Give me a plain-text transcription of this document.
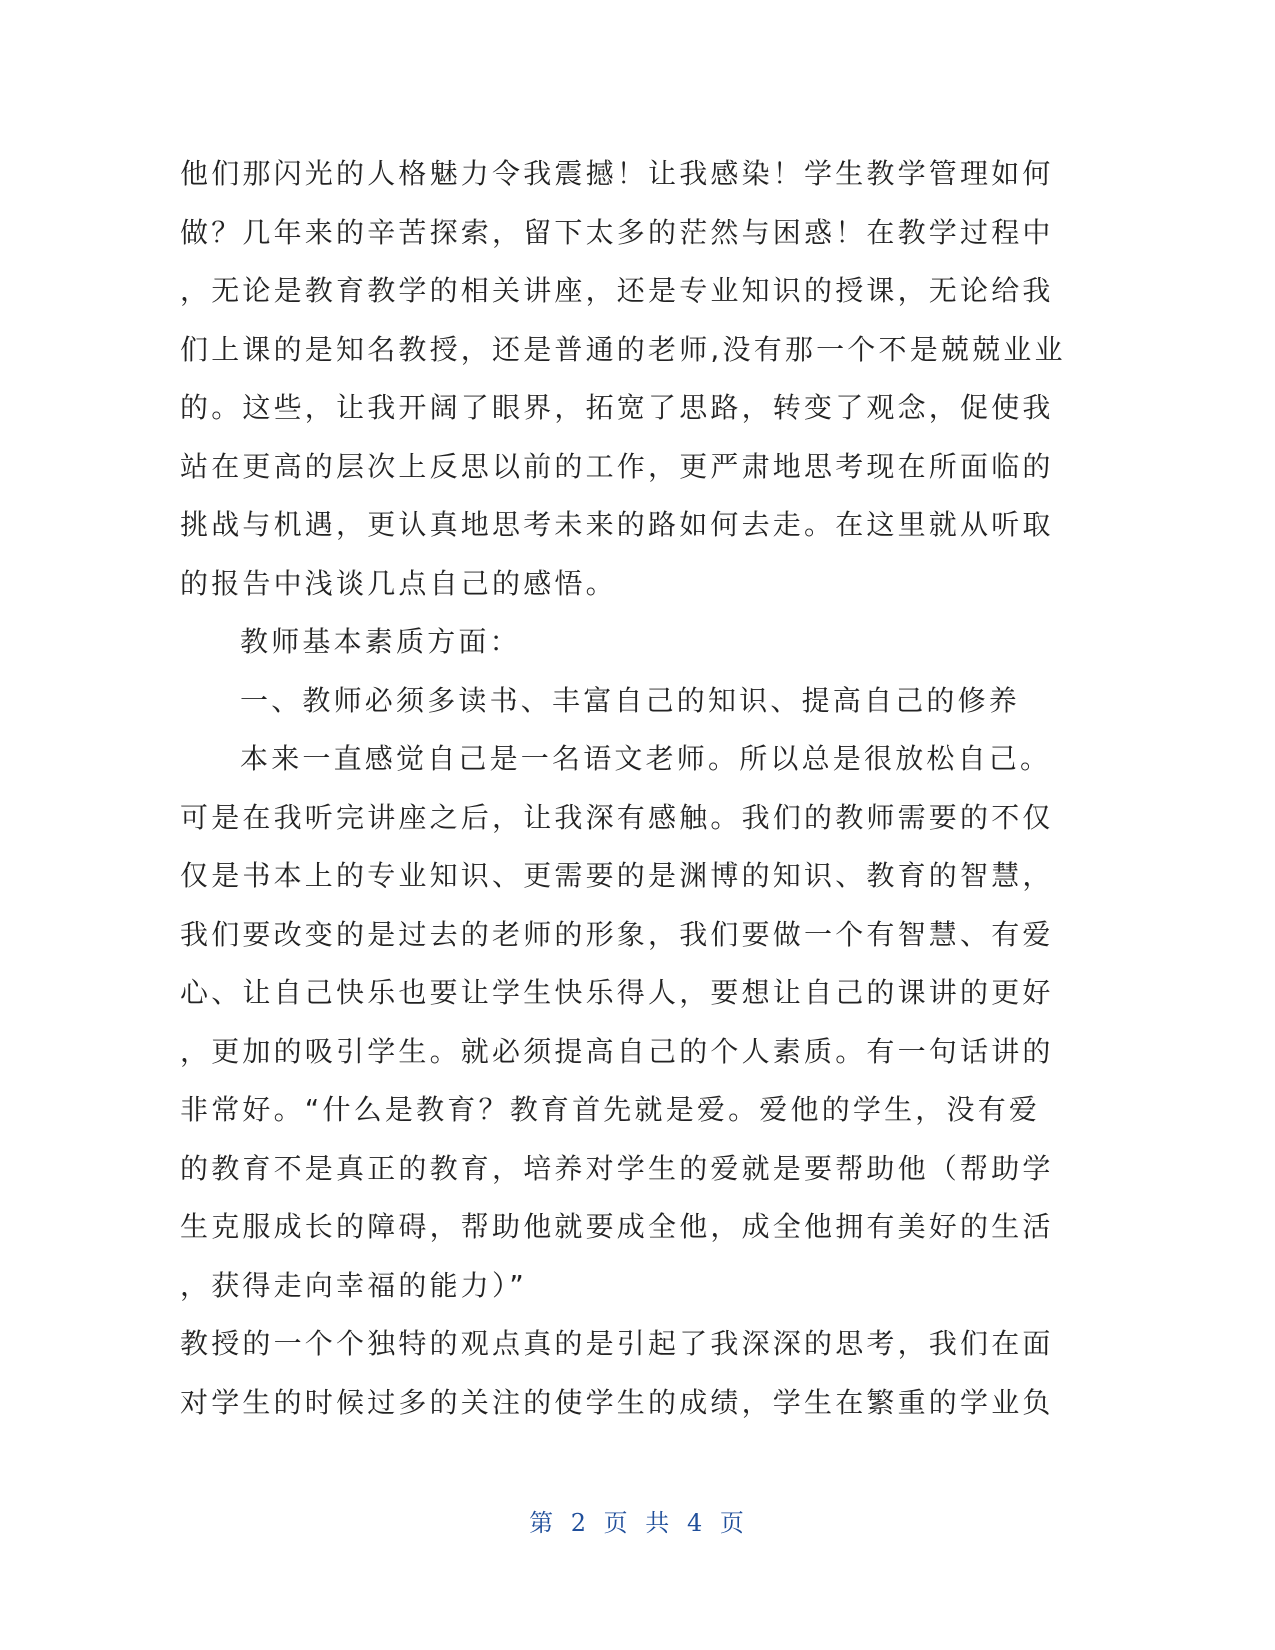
他们那闪光的人格魅力令我震撼！让我感染！学生教学管理如何
做？几年来的辛苦探索，留下太多的茫然与困惑！在教学过程中
，无论是教育教学的相关讲座，还是专业知识的授课，无论给我
们上课的是知名教授，还是普通的老师,没有那一个不是兢兢业业
的。这些，让我开阔了眼界，拓宽了思路，转变了观念，促使我
站在更高的层次上反思以前的工作，更严肃地思考现在所面临的
挑战与机遇，更认真地思考未来的路如何去走。在这里就从听取
的报告中浅谈几点自己的感悟。
教师基本素质方面：
一、教师必须多读书、丰富自己的知识、提高自己的修养
本来一直感觉自己是一名语文老师。所以总是很放松自己。
可是在我听完讲座之后，让我深有感触。我们的教师需要的不仅
仅是书本上的专业知识、更需要的是渊博的知识、教育的智慧，
我们要改变的是过去的老师的形象，我们要做一个有智慧、有爱
心、让自己快乐也要让学生快乐得人，要想让自己的课讲的更好
，更加的吸引学生。就必须提高自己的个人素质。有一句话讲的
非常好。“什么是教育？教育首先就是爱。爱他的学生，没有爱
的教育不是真正的教育，培养对学生的爱就是要帮助他（帮助学
生克服成长的障碍，帮助他就要成全他，成全他拥有美好的生活
，获得走向幸福的能力）”
教授的一个个独特的观点真的是引起了我深深的思考，我们在面
对学生的时候过多的关注的使学生的成绩，学生在繁重的学业负
第 2 页 共 4 页
